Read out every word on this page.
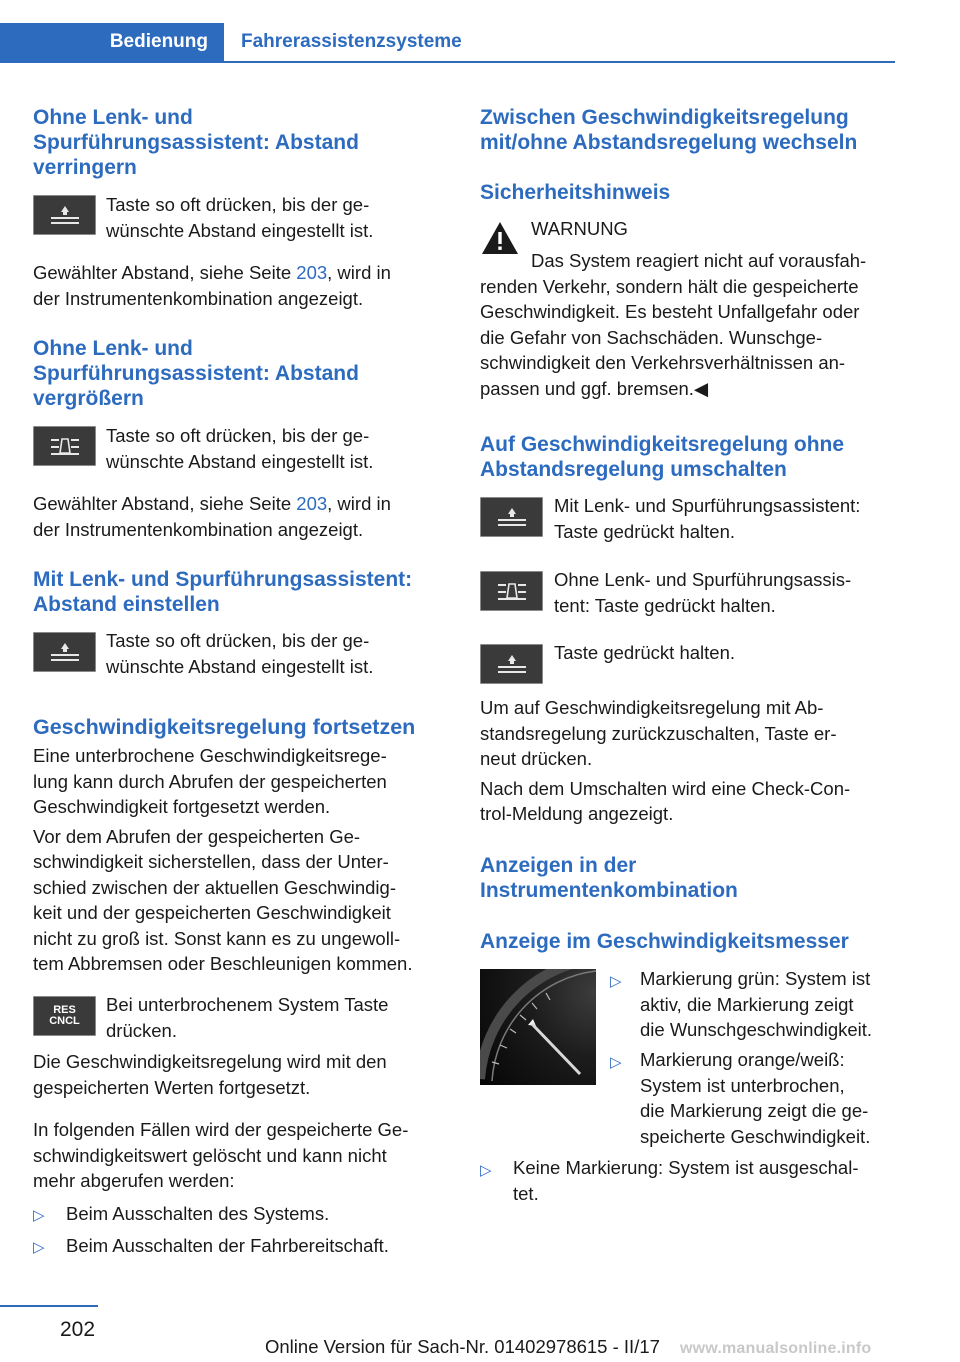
Bedienung	Fahrerassistenzsysteme
Ohne Lenk- und
Spurführungsassistent: Abstand
verringern
Taste so oft drücken, bis der ge-
wünschte Abstand eingestellt ist.
Gewählter Abstand, siehe Seite 203, wird in
der Instrumentenkombination angezeigt.
Ohne Lenk- und
Spurführungsassistent: Abstand
vergrößern
Taste so oft drücken, bis der ge-
wünschte Abstand eingestellt ist.
Gewählter Abstand, siehe Seite 203, wird in
der Instrumentenkombination angezeigt.
Mit Lenk- und Spurführungsassistent:
Abstand einstellen
Taste so oft drücken, bis der ge-
wünschte Abstand eingestellt ist.
Geschwindigkeitsregelung fortsetzen
Eine unterbrochene Geschwindigkeitsrege-
lung kann durch Abrufen der gespeicherten
Geschwindigkeit fortgesetzt werden.
Vor dem Abrufen der gespeicherten Ge-
schwindigkeit sicherstellen, dass der Unter-
schied zwischen der aktuellen Geschwindig-
keit und der gespeicherten Geschwindigkeit
nicht zu groß ist. Sonst kann es zu ungewoll-
tem Abbremsen oder Beschleunigen kommen.
RES
CNCL
Bei unterbrochenem System Taste
drücken.
Die Geschwindigkeitsregelung wird mit den
gespeicherten Werten fortgesetzt.
In folgenden Fällen wird der gespeicherte Ge-
schwindigkeitswert gelöscht und kann nicht
mehr abgerufen werden:
▷ Beim Ausschalten des Systems.
▷ Beim Ausschalten der Fahrbereitschaft.
Zwischen Geschwindigkeitsregelung
mit/ohne Abstandsregelung wechseln
Sicherheitshinweis
WARNUNG
Das System reagiert nicht auf vorausfah-
renden Verkehr, sondern hält die gespeicherte
Geschwindigkeit. Es besteht Unfallgefahr oder
die Gefahr von Sachschäden. Wunschge-
schwindigkeit den Verkehrsverhältnissen an-
passen und ggf. bremsen.◀
Auf Geschwindigkeitsregelung ohne
Abstandsregelung umschalten
Mit Lenk- und Spurführungsassistent:
Taste gedrückt halten.
Ohne Lenk- und Spurführungsassis-
tent: Taste gedrückt halten.
Taste gedrückt halten.
Um auf Geschwindigkeitsregelung mit Ab-
standsregelung zurückzuschalten, Taste er-
neut drücken.
Nach dem Umschalten wird eine Check-Con-
trol-Meldung angezeigt.
Anzeigen in der
Instrumentenkombination
Anzeige im Geschwindigkeitsmesser
▷ Markierung grün: System ist
aktiv, die Markierung zeigt
die Wunschgeschwindigkeit.
▷ Markierung orange/weiß:
System ist unterbrochen,
die Markierung zeigt die ge-
speicherte Geschwindigkeit.
▷ Keine Markierung: System ist ausgeschal-
tet.
202
Online Version für Sach-Nr. 01402978615 - II/17 www.manualsonline.info
